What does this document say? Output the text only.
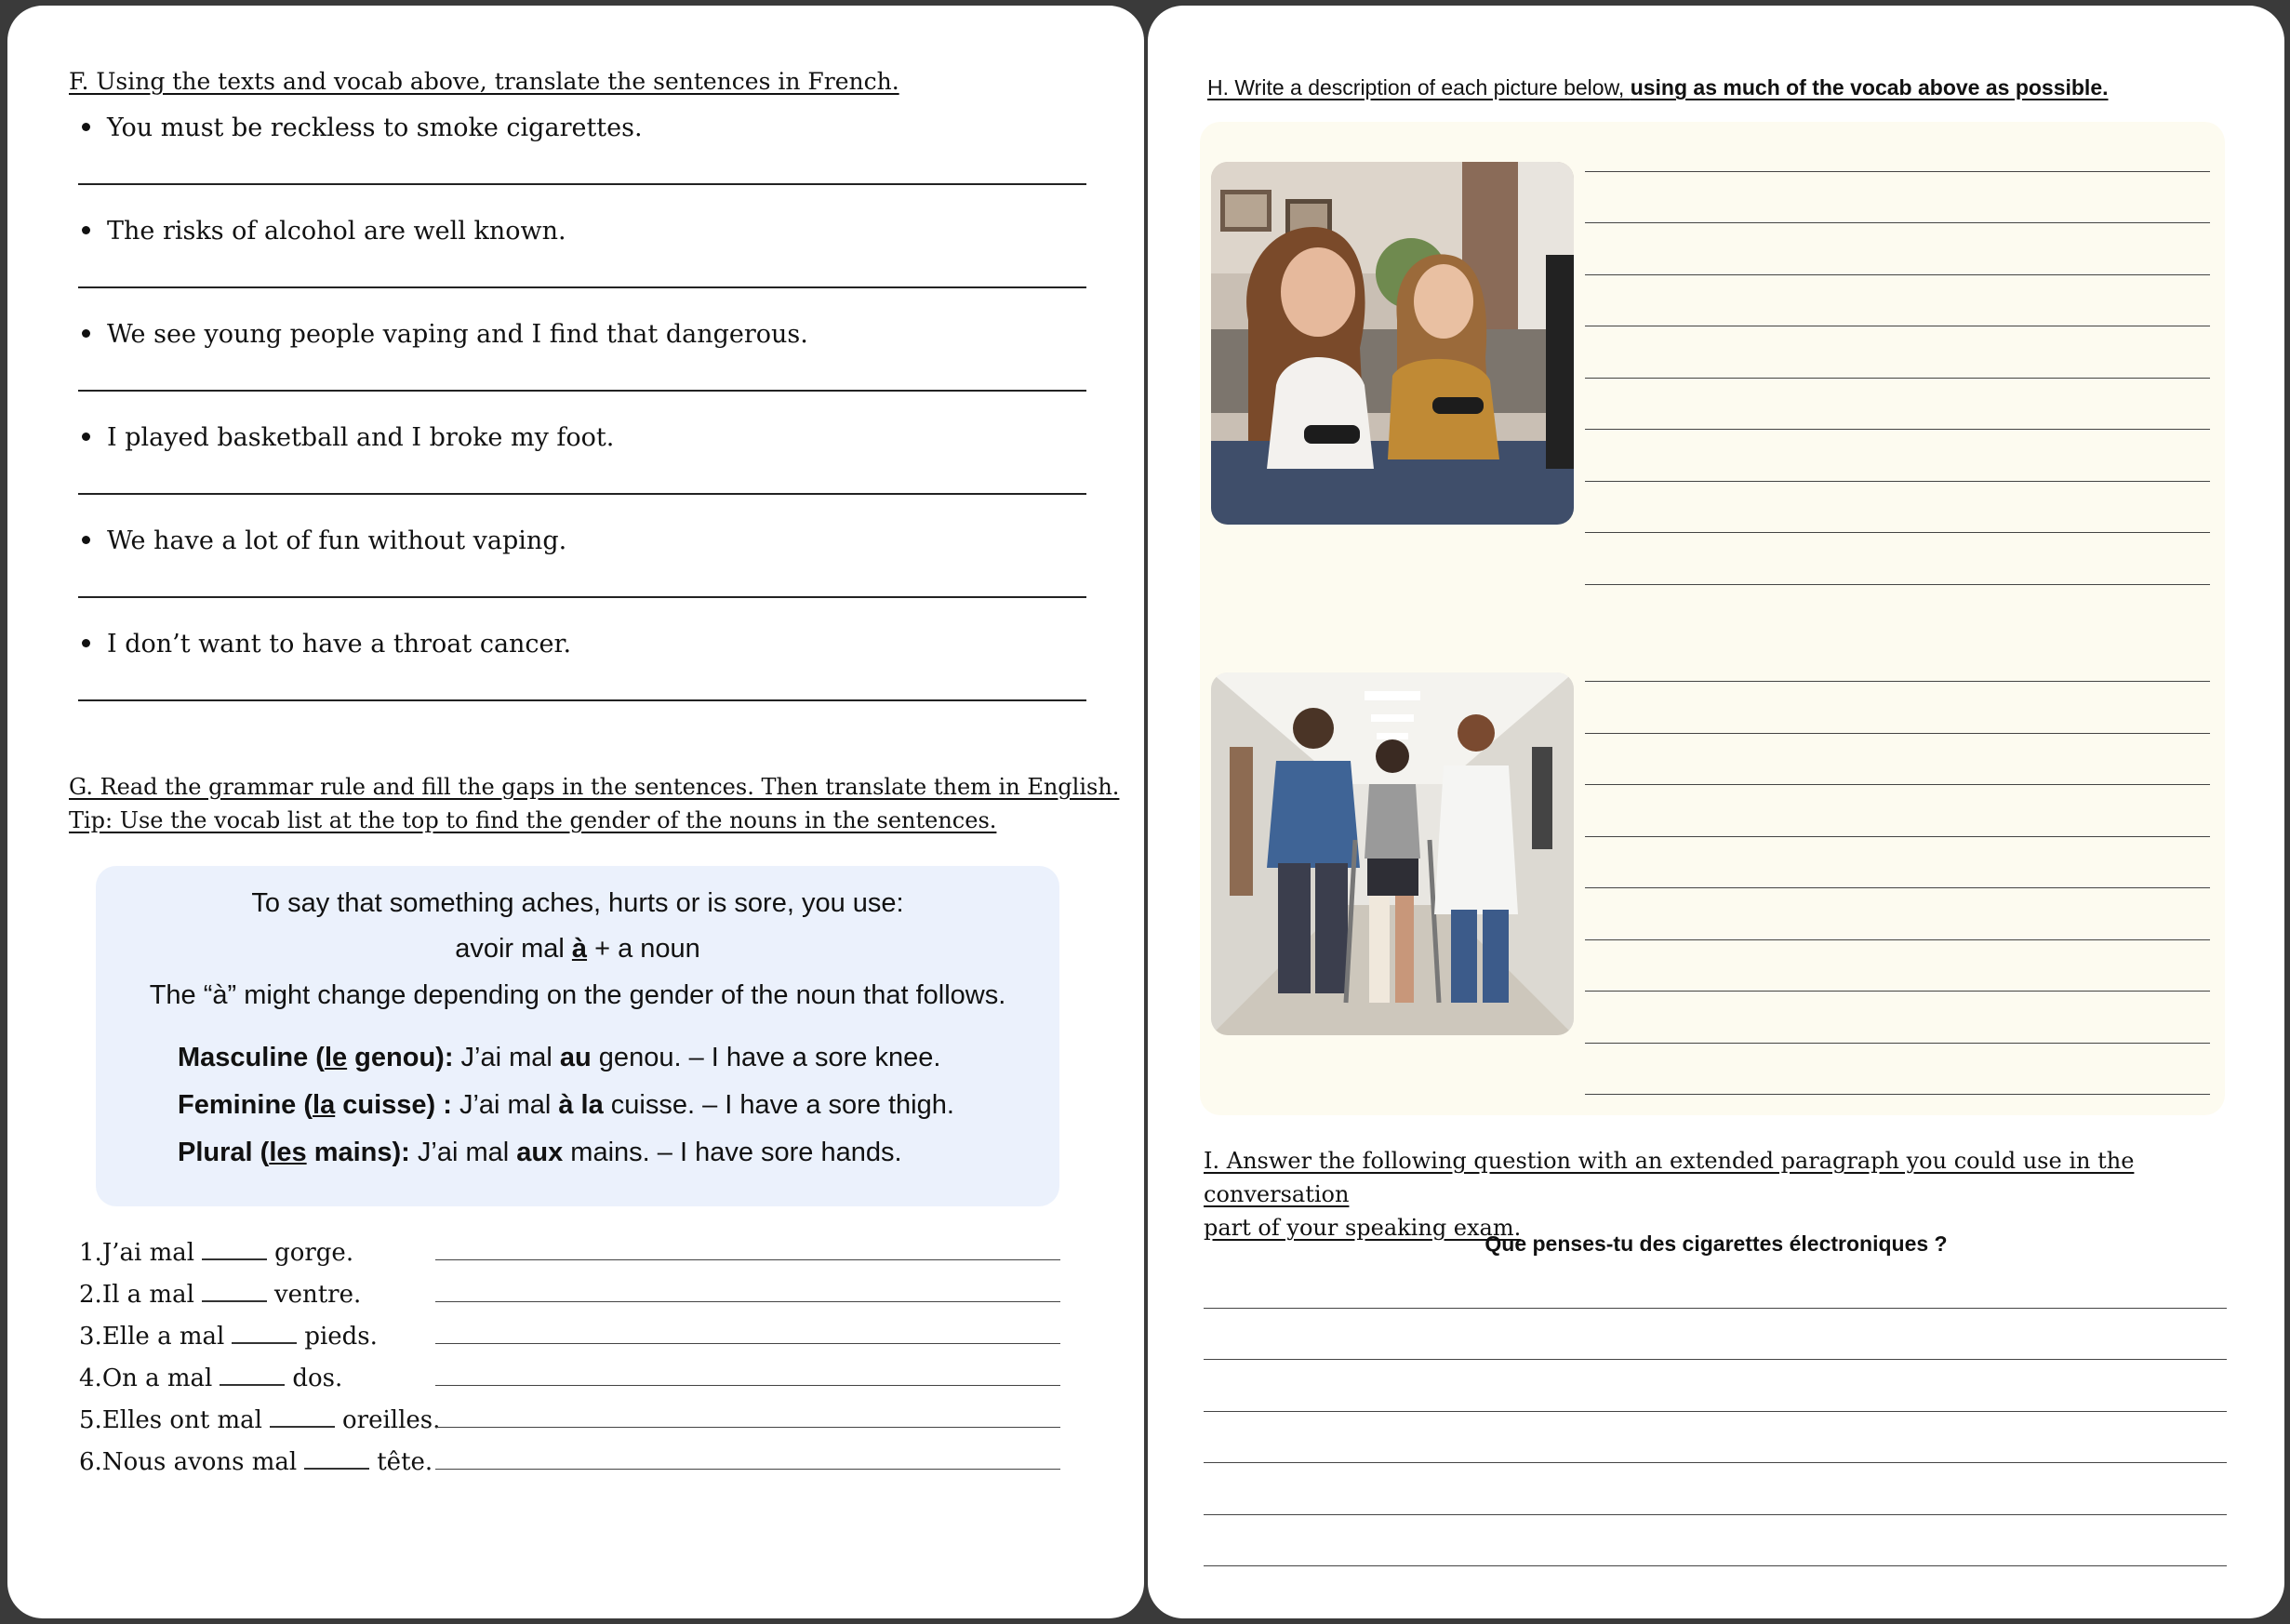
F. Using the texts and vocab above, translate the sentences in French.
You must be reckless to smoke cigarettes.
The risks of alcohol are well known.
We see young people vaping and I find that dangerous.
I played basketball and I broke my foot.
We have a lot of fun without vaping.
I don’t want to have a throat cancer.
G. Read the grammar rule and fill the gaps in the sentences. Then translate them in English.
Tip: Use the vocab list at the top to find the gender of the nouns in the sentences.
To say that something aches, hurts or is sore, you use:
avoir mal à + a noun
The “à” might change depending on the gender of the noun that follows.
Masculine (le genou): J’ai mal au genou. – I have a sore knee.
Feminine (la cuisse) : J’ai mal à la cuisse. – I have a sore thigh.
Plural (les mains): J’ai mal aux mains. – I have sore hands.
1.J’ai mal	gorge.
2.Il a mal	ventre.
3.Elle a mal	pieds.
4.On a mal	dos.
5.Elles ont mal	oreilles.
6.Nous avons mal	tête.
H. Write a description of each picture below, using as much of the vocab above as possible.
I. Answer the following question with an extended paragraph you could use in the conversation
part of your speaking exam.
Que penses-tu des cigarettes électroniques ?
